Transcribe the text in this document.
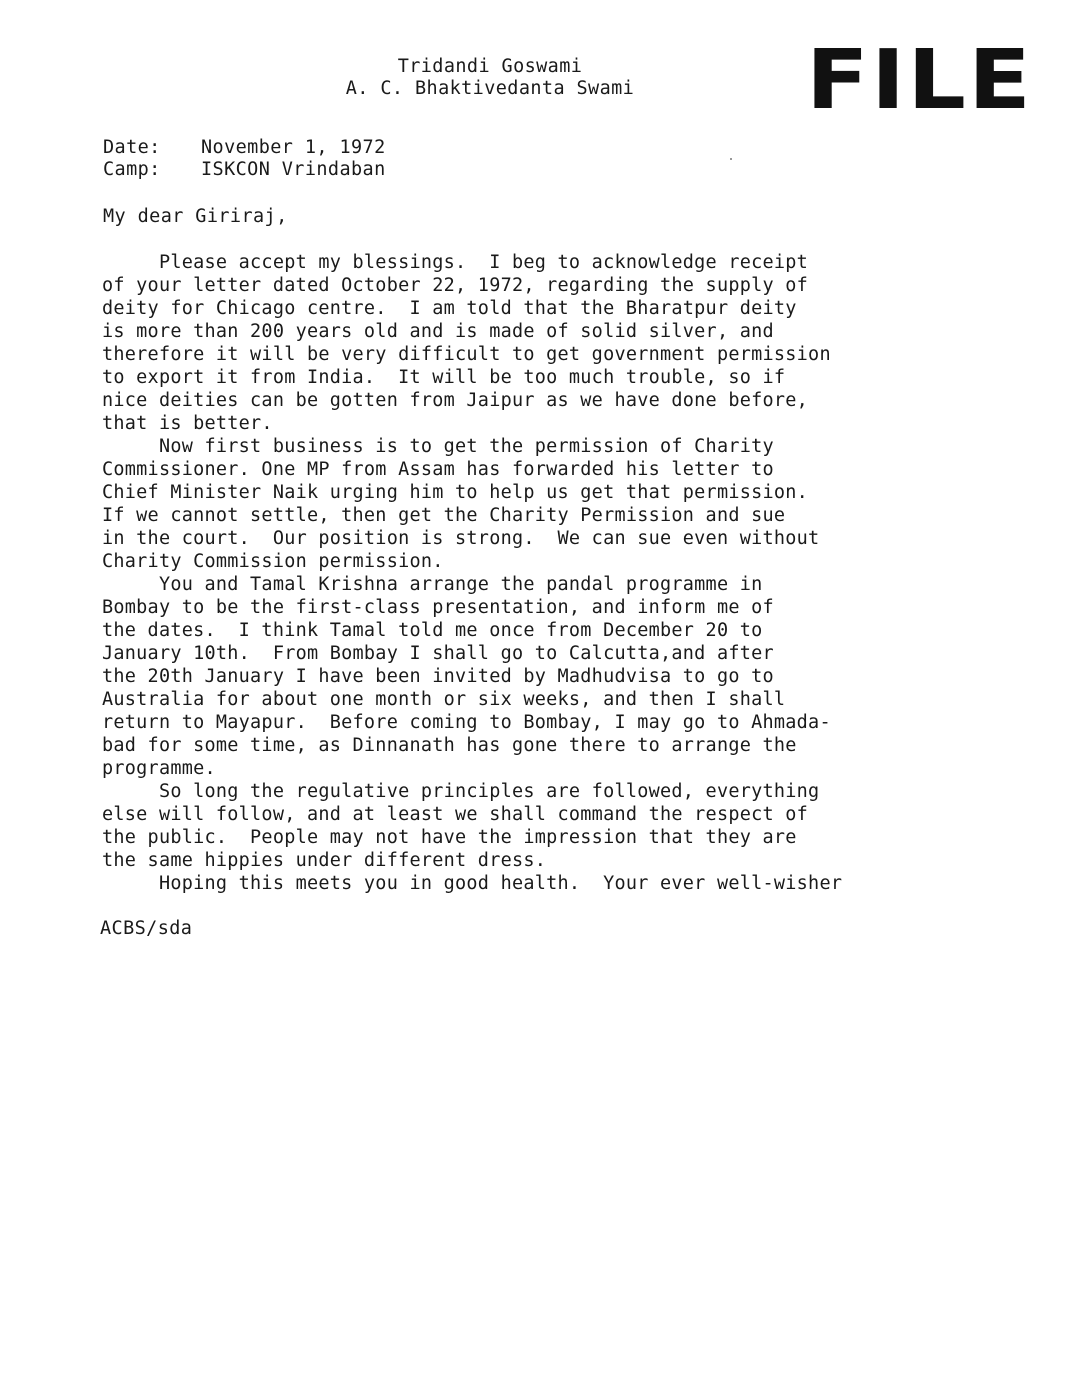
Tridandi Goswami
A. C. Bhaktivedanta Swami	FILE
Date:	November 1, 1972
Camp:	ISKCON Vrindaban
My dear Giriraj,
Please accept my blessings.  I beg to acknowledge receipt
of your letter dated October 22, 1972, regarding the supply of
deity for Chicago centre.  I am told that the Bharatpur deity
is more than 200 years old and is made of solid silver, and
therefore it will be very difficult to get government permission
to export it from India.  It will be too much trouble, so if
nice deities can be gotten from Jaipur as we have done before,
that is better.
Now first business is to get the permission of Charity
Commissioner. One MP from Assam has forwarded his letter to
Chief Minister Naik urging him to help us get that permission.
If we cannot settle, then get the Charity Permission and sue
in the court.  Our position is strong.  We can sue even without
Charity Commission permission.
You and Tamal Krishna arrange the pandal programme in
Bombay to be the first-class presentation, and inform me of
the dates.  I think Tamal told me once from December 20 to
January 10th.  From Bombay I shall go to Calcutta,and after
the 20th January I have been invited by Madhudvisa to go to
Australia for about one month or six weeks, and then I shall
return to Mayapur.  Before coming to Bombay, I may go to Ahmada-
bad for some time, as Dinnanath has gone there to arrange the
programme.
So long the regulative principles are followed, everything
else will follow, and at least we shall command the respect of
the public.  People may not have the impression that they are
the same hippies under different dress.
Hoping this meets you in good health.  Your ever well-wisher
ACBS/sda
